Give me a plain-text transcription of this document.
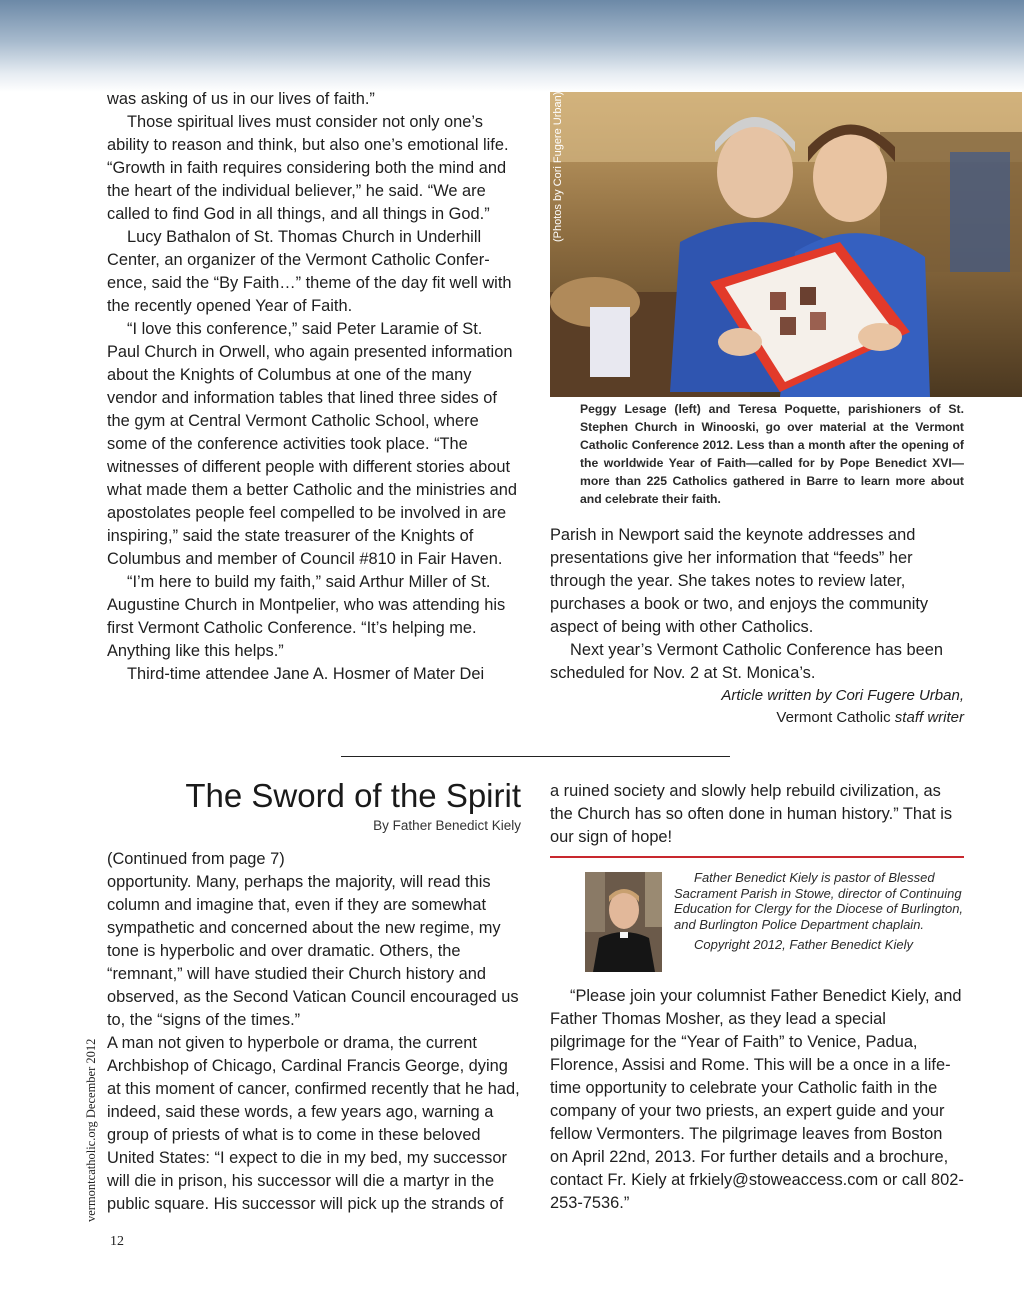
was asking of us in our lives of faith.”

Those spiritual lives must consider not only one’s ability to reason and think, but also one’s emotional life. “Growth in faith requires considering both the mind and the heart of the individual believer,” he said. “We are called to find God in all things, and all things in God.”

Lucy Bathalon of St. Thomas Church in Underhill Center, an organizer of the Vermont Catholic Conference, said the “By Faith…” theme of the day fit well with the recently opened Year of Faith.

“I love this conference,” said Peter Laramie of St. Paul Church in Orwell, who again presented information about the Knights of Columbus at one of the many vendor and information tables that lined three sides of the gym at Central Vermont Catholic School, where some of the conference activities took place. “The witnesses of different people with different stories about what made them a better Catholic and the ministries and apostolates people feel compelled to be involved in are inspiring,” said the state treasurer of the Knights of Columbus and member of Council #810 in Fair Haven.

“I’m here to build my faith,” said Arthur Miller of St. Augustine Church in Montpelier, who was attending his first Vermont Catholic Conference. “It’s helping me. Anything like this helps.”

Third-time attendee Jane A. Hosmer of Mater Dei

(Photos by Cori Fugere Urban)
Peggy Lesage (left) and Teresa Poquette, parishioners of St. Stephen Church in Winooski, go over material at the Vermont Catholic Conference 2012. Less than a month after the opening of the worldwide Year of Faith—called for by Pope Benedict XVI—more than 225 Catholics gathered in Barre to learn more about and celebrate their faith.

Parish in Newport said the keynote addresses and presentations give her information that “feeds” her through the year. She takes notes to review later, purchases a book or two, and enjoys the community aspect of being with other Catholics.

Next year’s Vermont Catholic Conference has been scheduled for Nov. 2 at St. Monica’s.

Article written by Cori Fugere Urban,
Vermont Catholic staff writer
The Sword of the Spirit
By Father Benedict Kiely

(Continued from page 7)

opportunity. Many, perhaps the majority, will read this column and imagine that, even if they are somewhat sympathetic and concerned about the new regime, my tone is hyperbolic and over dramatic. Others, the “remnant,” will have studied their Church history and observed, as the Second Vatican Council encouraged us to, the “signs of the times.”

A man not given to hyperbole or drama, the current Archbishop of Chicago, Cardinal Francis George, dying at this moment of cancer, confirmed recently that he had, indeed, said these words, a few years ago, warning a group of priests of what is to come in these beloved United States: “I expect to die in my bed, my successor will die in prison, his successor will die a martyr in the public square. His successor will pick up the strands of

a ruined society and slowly help rebuild civilization, as the Church has so often done in human history.” That is our sign of hope!

Father Benedict Kiely is pastor of Blessed Sacrament Parish in Stowe, director of Continuing Education for Clergy for the Diocese of Burlington, and Burlington Police Department chaplain.
Copyright 2012, Father Benedict Kiely

“Please join your columnist Father Benedict Kiely, and Father Thomas Mosher, as they lead a special pilgrimage for the “Year of Faith” to Venice, Padua, Florence, Assisi and Rome. This will be a once in a lifetime opportunity to celebrate your Catholic faith in the company of your two priests, an expert guide and your fellow Vermonters. The pilgrimage leaves from Boston on April 22nd, 2013. For further details and a brochure, contact Fr. Kiely at frkiely@stoweaccess.com or call 802-253-7536.”

vermontcatholic.org December 2012
12
